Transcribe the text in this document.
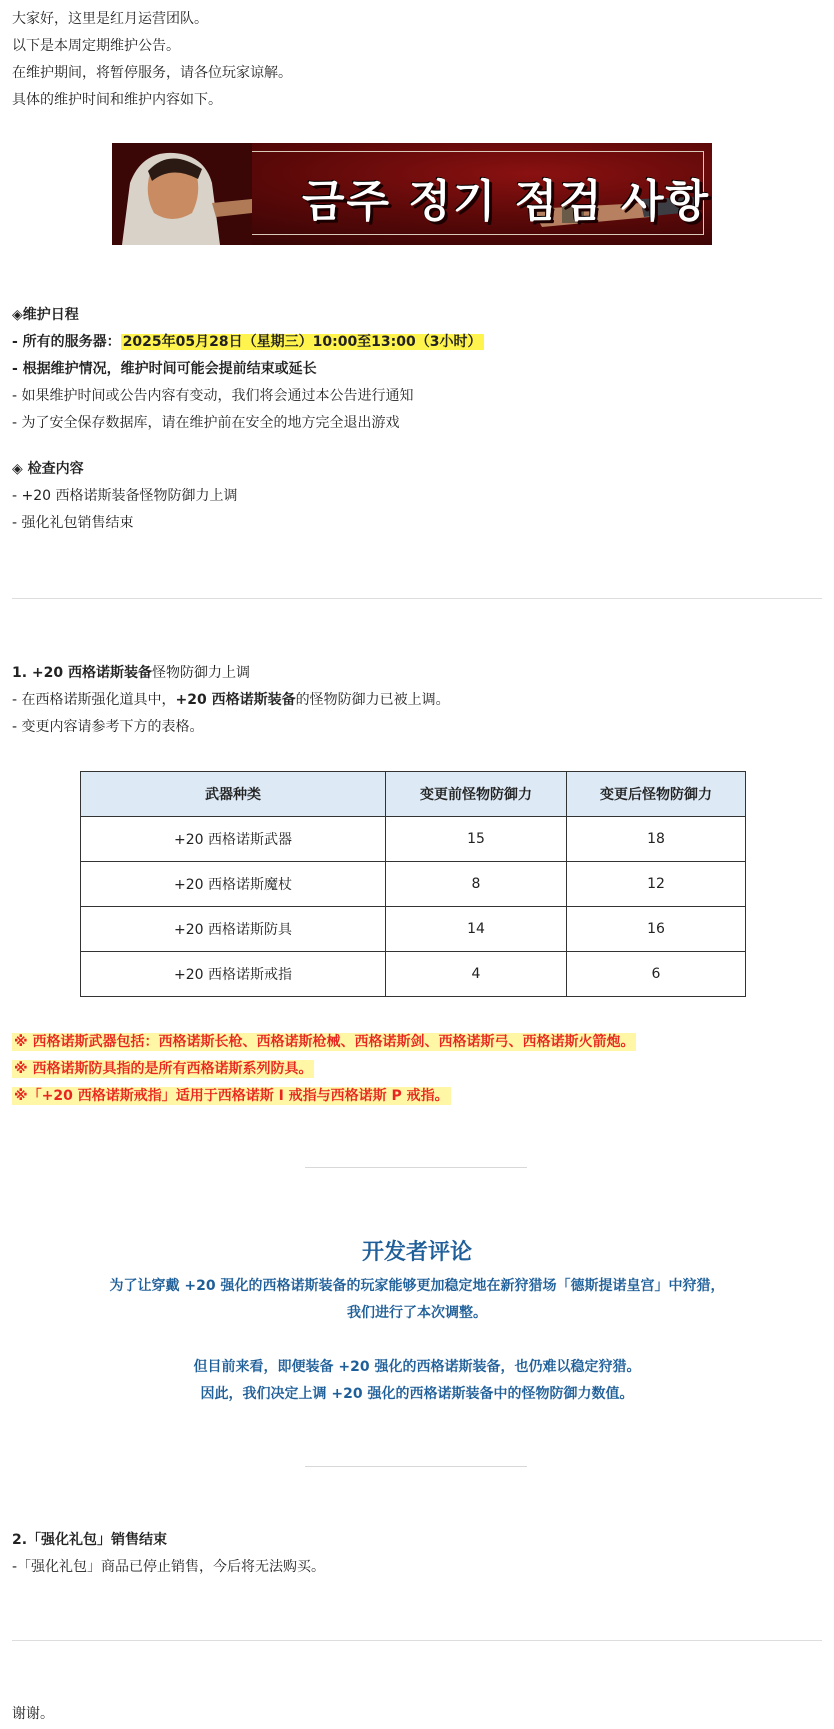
大家好，这里是红月运营团队。
以下是本周定期维护公告。
在维护期间，将暂停服务，请各位玩家谅解。
具体的维护时间和维护内容如下。
금주 정기 점검 사항
◈维护日程
- 所有的服务器： 2025年05月28日（星期三）10:00至13:00（3小时）
- 根据维护情况，维护时间可能会提前结束或延长
- 如果维护时间或公告内容有变动，我们将会通过本公告进行通知
- 为了安全保存数据库，请在维护前在安全的地方完全退出游戏
◈ 检查内容
- +20 西格诺斯装备怪物防御力上调
- 强化礼包销售结束
1. +20 西格诺斯装备怪物防御力上调
- 在西格诺斯强化道具中，+20 西格诺斯装备的怪物防御力已被上调。
- 变更内容请参考下方的表格。
武器种类	变更前怪物防御力	变更后怪物防御力
+20 西格诺斯武器	15	18
+20 西格诺斯魔杖	8	12
+20 西格诺斯防具	14	16
+20 西格诺斯戒指	4	6
※ 西格诺斯武器包括：西格诺斯长枪、西格诺斯枪械、西格诺斯剑、西格诺斯弓、西格诺斯火箭炮。
※ 西格诺斯防具指的是所有西格诺斯系列防具。
※「+20 西格诺斯戒指」适用于西格诺斯 I 戒指与西格诺斯 P 戒指。
开发者评论
为了让穿戴 +20 强化的西格诺斯装备的玩家能够更加稳定地在新狩猎场「德斯提诺皇宫」中狩猎，
我们进行了本次调整。
但目前来看，即便装备 +20 强化的西格诺斯装备，也仍难以稳定狩猎。
因此，我们决定上调 +20 强化的西格诺斯装备中的怪物防御力数值。
2.「强化礼包」销售结束
-「强化礼包」商品已停止销售，今后将无法购买。
谢谢。
